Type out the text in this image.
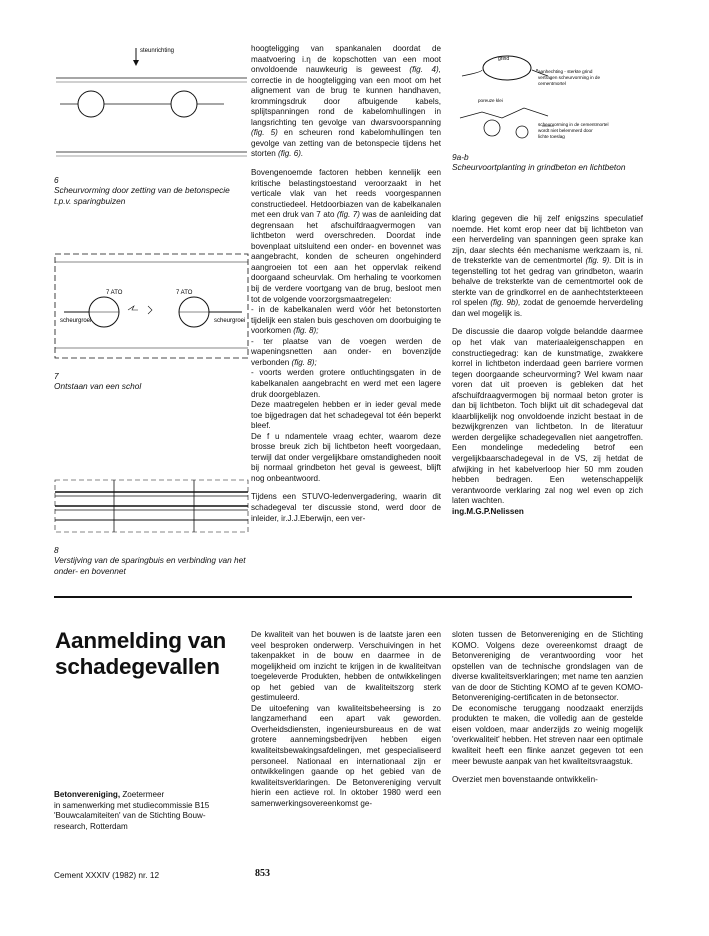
steunrichting
6
Scheurvorming door zetting van de betonspecie t.p.v. sparingbuizen
7 ATO	7 ATO
scheurgroei	scheurgroei
7
Ontstaan van een schol
8
Verstijving van de sparingbuis en verbinding van het onder- en bovennet
grind
aanhechting - sterkte grind
vertragen scheurvorming in de
cementmortel
poreuze klei
scheurvorming in de cementmortel
wordt niet belemmerd door
lichte toeslag
9a-b
Scheurvoortplanting in grindbeton en lichtbeton

hoogteligging van spankanalen doordat de maatvoering i.η de kopschotten van een moot onvoldoende nauwkeurig is geweest (fig. 4), correctie in de hoogteligging van een moot om het alignement van de brug te kunnen handhaven, krommingsdruk door afbuigende kabels, splijtspanningen rond de kabelomhullingen in langsrichting ten gevolge van dwarsvoorspanning (fig. 5) en scheuren rond kabelomhullingen ten gevolge van zetting van de betonspecie tijdens het storten (fig. 6).

Bovengenoemde factoren hebben kennelijk een kritische belastingstoestand veroorzaakt in het verticale vlak van het reeds voorgespannen constructiedeel. Hetdoorbiazen van de kabelkanalen met een druk van 7 ato (fig. 7) was de aanleiding dat degrensaan het afschuifdraagvermogen van lichtbeton werd overschreden. Doordat inde bovenplaat uitsluitend een onder- en bovennet was aangebracht, konden de scheuren ongehinderd aangroeien tot een aan het oppervlak reikend doorgaand scheurvlak. Om herhaling te voorkomen bij de verdere voortgang van de brug, besloot men tot de volgende voorzorgsmaatregelen:
- in de kabelkanalen werd vóór het betonstorten tijdelijk een stalen buis geschoven om doorbuiging te voorkomen (fig. 8);
- ter plaatse van de voegen werden de wapeningsnetten aan onder- en bovenzijde verbonden (fig. 8);
- voorts werden grotere ontluchtingsgaten in de kabelkanalen aangebracht en werd met een lagere druk doorgeblazen.
Deze maatregelen hebben er in ieder geval mede toe bijgedragen dat het schadegeval tot één beperkt bleef.
De f u ndamentele vraag echter, waarom deze brosse breuk zich bij lichtbeton heeft voorgedaan, terwijl dat onder vergelijkbare omstandigheden nooit bij normaal grindbeton het geval is geweest, blijft nog onbeantwoord.

Tijdens een STUVO-ledenvergadering, waarin dit schadegeval ter discussie stond, werd door de inleider, ir.J.J.Eberwijn, een ver-

klaring gegeven die hij zelf enigszins speculatief noemde. Het komt erop neer dat bij lichtbeton van een herverdeling van spanningen geen sprake kan zijn, daar slechts één mechanisme werkzaam is, ni. de treksterkte van de cementmortel (fig. 9). Dit is in tegenstelling tot het gedrag van grindbeton, waarin behalve de treksterkte van de cementmortel ook de sterkte van de grindkorrel en de aanhechtsterkteeen rol spelen (fig. 9b), zodat de genoemde herverdeling dan wel mogelijk is.

De discussie die daarop volgde belandde daarmee op het vlak van materiaaleigenschappen en constructiegedrag: kan de kunstmatige, zwakkere korrel in lichtbeton inderdaad geen barriere vormen tegen doorgaande scheurvorming? Wel kwam naar voren dat uit proeven is gebleken dat het afschuifdraagvermogen bij normaal beton groter is dan bij lichtbeton. Toch blijkt uit dit schadegeval dat klaarblijkelijk nog onvoldoende inzicht bestaat in de bezwijkgrenzen van lichtbeton. In de literatuur werden dergelijke schadegevallen niet aangetroffen. Een mondelinge mededeling betrof een vergelijkbaarschadegeval in de VS, zij hetdat de afwijking in het kabelverloop hier 50 mm zouden hebben bedragen. Een wetenschappelijk verantwoorde verklaring zal nog wel even op zich laten wachten.
ing.M.G.P.Nelissen

Aanmelding van
schadegevallen
Betonvereniging, Zoetermeer
in samenwerking met studiecommissie B15
'Bouwcalamiteiten' van de Stichting Bouw-
research, Rotterdam

De kwaliteit van het bouwen is de laatste jaren een veel besproken onderwerp. Verschuivingen in het takenpakket in de bouw en daarmee in de mogelijkheid om inzicht te krijgen in de kwaliteitvan toegeleverde Produkten, hebben de ontwikkelingen op het gebied van de kwaliteitszorg sterk gestimuleerd.

De uitoefening van kwaliteitsbeheersing is zo langzamerhand een apart vak geworden. Overheidsdiensten, ingenieursbureaus en de wat grotere aannemingsbedrijven hebben eigen kwaliteitsbewakingsafdelingen, met gespecialiseerd personeel. Nationaal en internationaal zijn er ontwikkelingen gaande op het gebied van de kwaliteitsverklaringen. De Betonvereniging vervult hierin een actieve rol. In oktober 1980 werd een samenwerkingsovereenkomst ge-

sloten tussen de Betonvereniging en de Stichting KOMO. Volgens deze overeenkomst draagt de Betonvereniging de verantwoording voor het opstellen van de technische grondslagen van de diverse kwaliteitsverklaringen; met name ten aanzien van de door de Stichting KOMO af te geven KOMO-Betonvereniging-certificaten in de betonsector.

De economische teruggang noodzaakt enerzijds produkten te maken, die volledig aan de gestelde eisen voldoen, maar anderzijds zo weinig mogelijk 'overkwaliteit' hebben. Het streven naar een optimale kwaliteit heeft een flinke aanzet gegeven tot een meer bewuste aanpak van het kwaliteitsvraagstuk.

Overziet men bovenstaande ontwikkelin-

Cement XXXIV (1982) nr. 12	853
